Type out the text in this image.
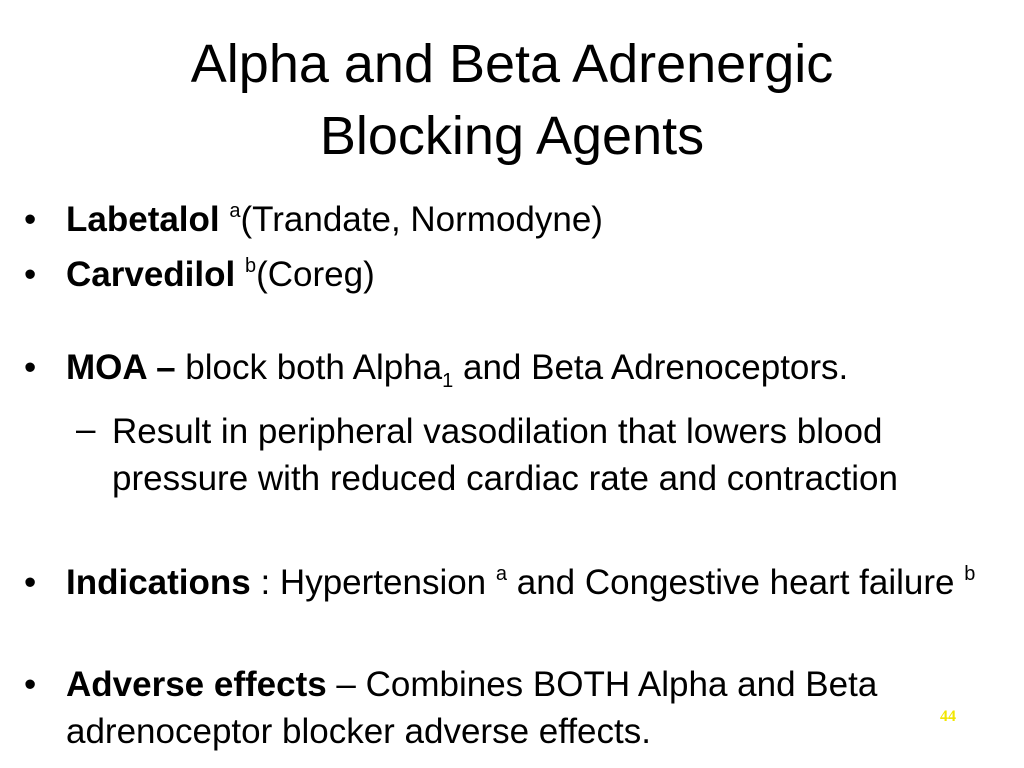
Alpha and Beta Adrenergic
Blocking Agents
• Labetalol $^a$(Trandate, Normodyne)
• Carvedilol $^b$(Coreg)
• MOA – block both Alpha$_1$ and Beta Adrenoceptors.
– Result in peripheral vasodilation that lowers blood pressure with reduced cardiac rate and contraction
• Indications : Hypertension $^a$ and Congestive heart failure $^b$
• Adverse effects – Combines BOTH Alpha and Beta adrenoceptor blocker adverse effects.	44
